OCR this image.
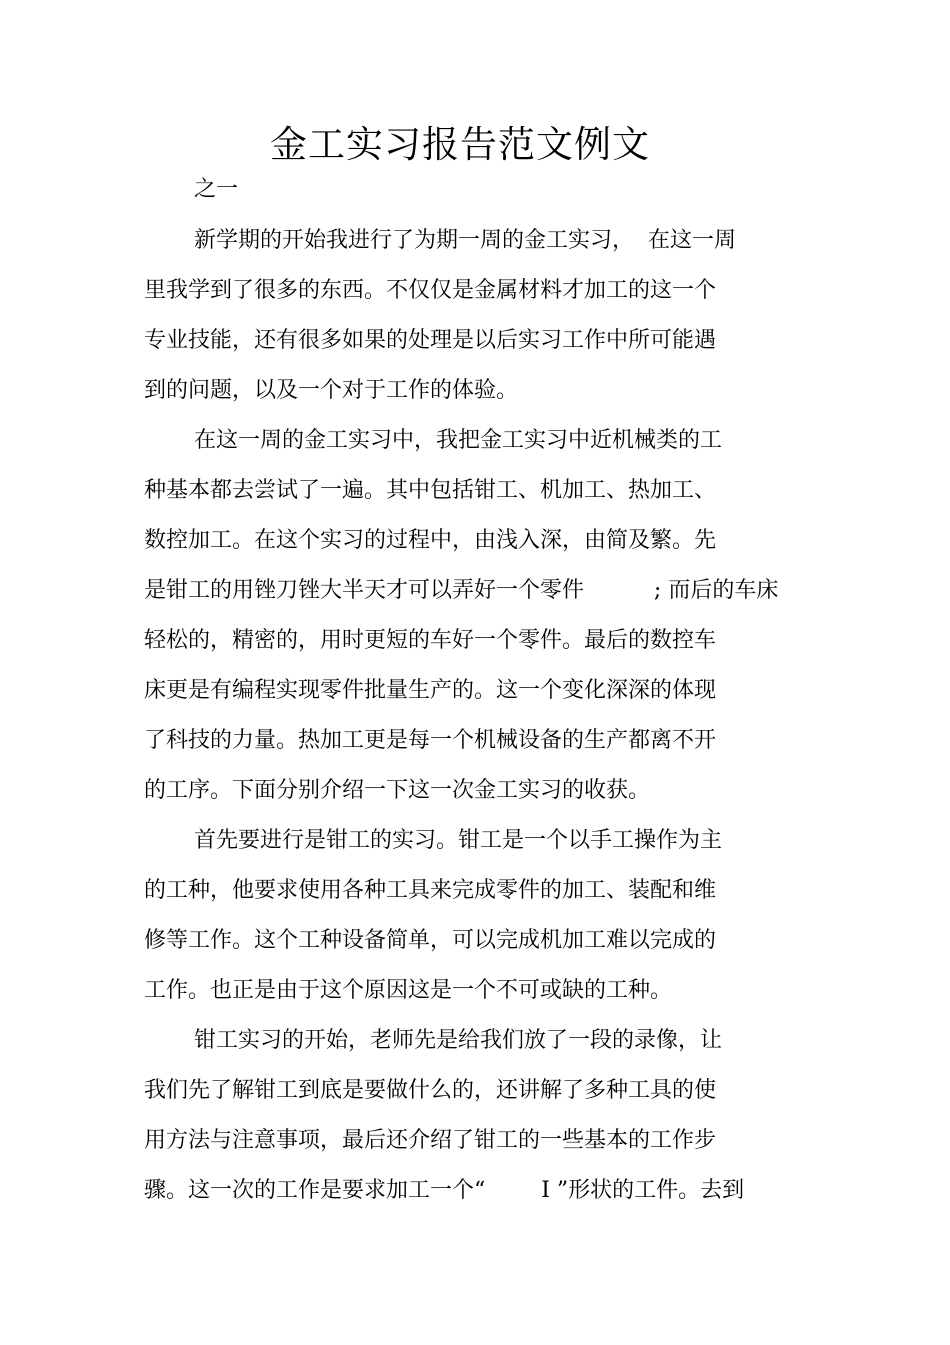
金工实习报告范文例文
之一
新学期的开始我进行了为期一周的金工实习，  在这一周
里我学到了很多的东西。不仅仅是金属材料才加工的这一个
专业技能，还有很多如果的处理是以后实习工作中所可能遇
到的问题，以及一个对于工作的体验。
在这一周的金工实习中，我把金工实习中近机械类的工
种基本都去尝试了一遍。其中包括钳工、机加工、热加工、
数控加工。在这个实习的过程中，由浅入深，由简及繁。先
是钳工的用锉刀锉大半天才可以弄好一个零件          ; 而后的车床
轻松的，精密的，用时更短的车好一个零件。最后的数控车
床更是有编程实现零件批量生产的。这一个变化深深的体现
了科技的力量。热加工更是每一个机械设备的生产都离不开
的工序。下面分别介绍一下这一次金工实习的收获。
首先要进行是钳工的实习。钳工是一个以手工操作为主
的工种，他要求使用各种工具来完成零件的加工、装配和维
修等工作。这个工种设备简单，可以完成机加工难以完成的
工作。也正是由于这个原因这是一个不可或缺的工种。
钳工实习的开始，老师先是给我们放了一段的录像，让
我们先了解钳工到底是要做什么的，还讲解了多种工具的使
用方法与注意事项，最后还介绍了钳工的一些基本的工作步
骤。这一次的工作是要求加工一个“        I ”形状的工件。去到
